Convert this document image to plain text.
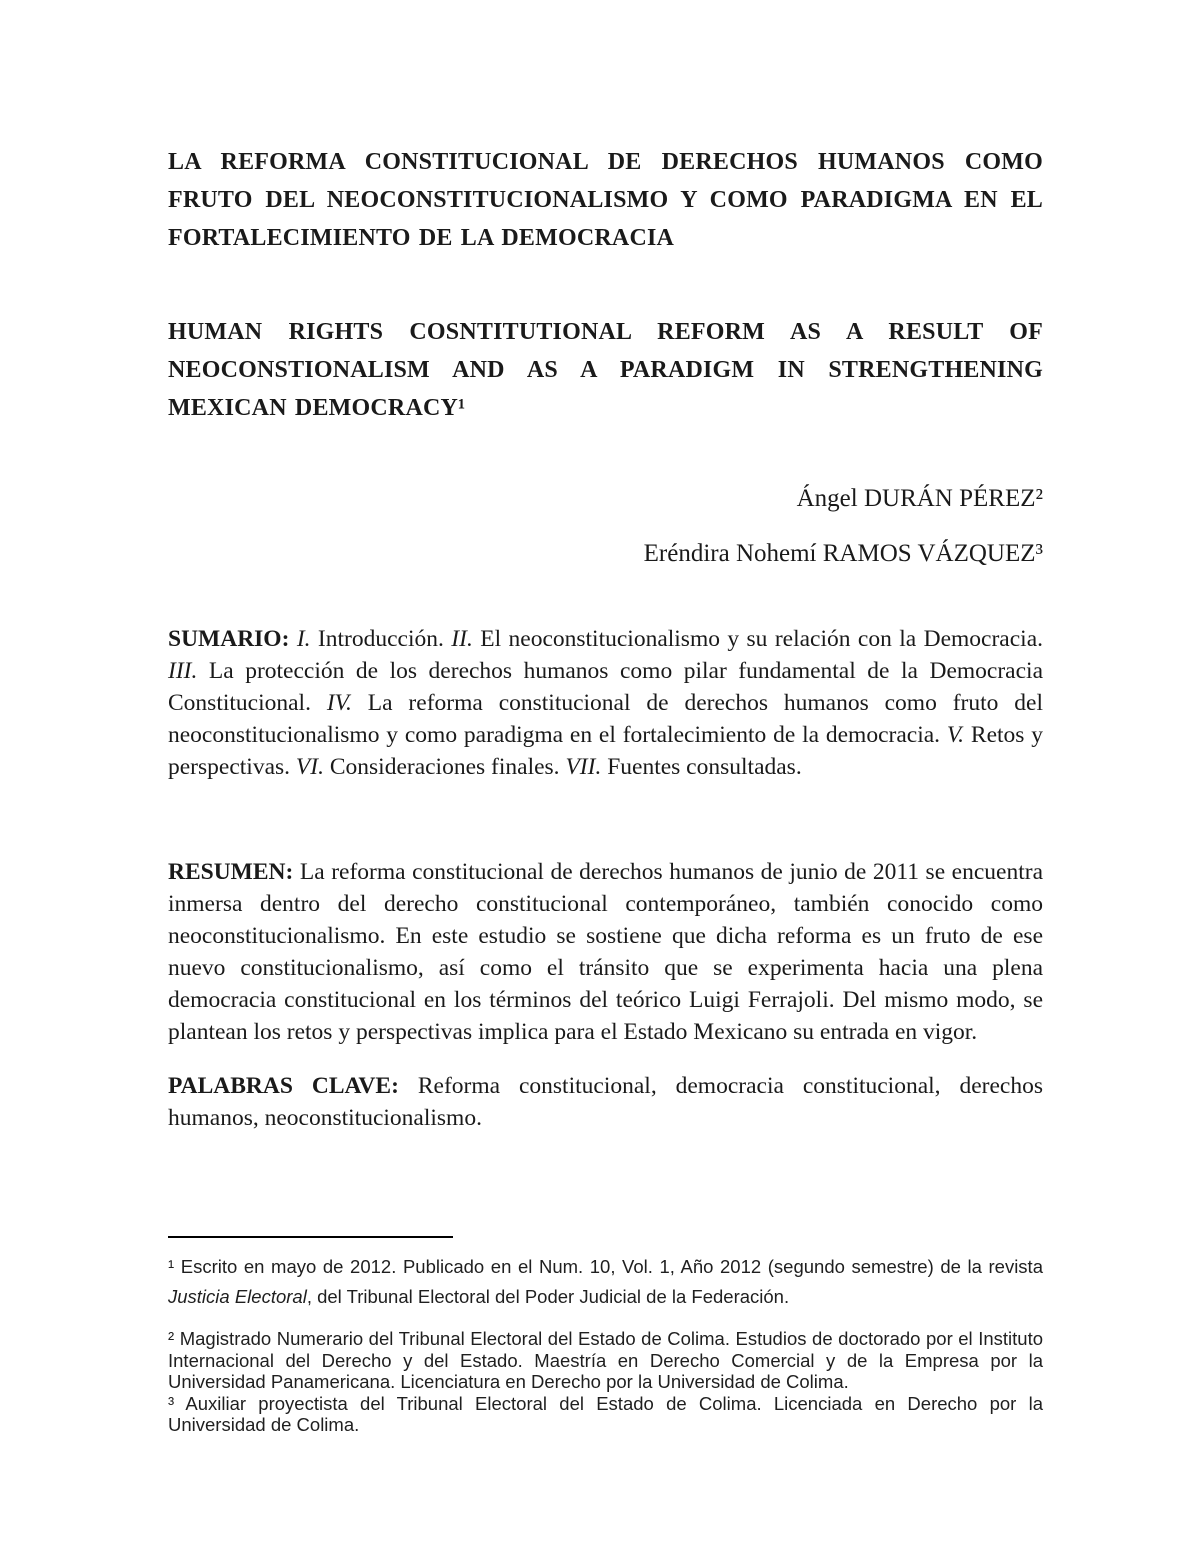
LA REFORMA CONSTITUCIONAL DE DERECHOS HUMANOS COMO FRUTO DEL NEOCONSTITUCIONALISMO Y COMO PARADIGMA EN EL FORTALECIMIENTO DE LA DEMOCRACIA
HUMAN RIGHTS COSNTITUTIONAL REFORM AS A RESULT OF NEOCONSTIONALISM AND AS A PARADIGM IN STRENGTHENING MEXICAN DEMOCRACY¹

Ángel DURÁN PÉREZ²

Eréndira Nohemí RAMOS VÁZQUEZ³

SUMARIO: I. Introducción. II. El neoconstitucionalismo y su relación con la Democracia. III. La protección de los derechos humanos como pilar fundamental de la Democracia Constitucional. IV. La reforma constitucional de derechos humanos como fruto del neoconstitucionalismo y como paradigma en el fortalecimiento de la democracia. V. Retos y perspectivas. VI. Consideraciones finales. VII. Fuentes consultadas.

RESUMEN: La reforma constitucional de derechos humanos de junio de 2011 se encuentra inmersa dentro del derecho constitucional contemporáneo, también conocido como neoconstitucionalismo. En este estudio se sostiene que dicha reforma es un fruto de ese nuevo constitucionalismo, así como el tránsito que se experimenta hacia una plena democracia constitucional en los términos del teórico Luigi Ferrajoli. Del mismo modo, se plantean los retos y perspectivas implica para el Estado Mexicano su entrada en vigor.

PALABRAS CLAVE: Reforma constitucional, democracia constitucional, derechos humanos, neoconstitucionalismo.

¹ Escrito en mayo de 2012. Publicado en el Num. 10, Vol. 1, Año 2012 (segundo semestre) de la revista Justicia Electoral, del Tribunal Electoral del Poder Judicial de la Federación.

² Magistrado Numerario del Tribunal Electoral del Estado de Colima. Estudios de doctorado por el Instituto Internacional del Derecho y del Estado. Maestría en Derecho Comercial y de la Empresa por la Universidad Panamericana. Licenciatura en Derecho por la Universidad de Colima.

³ Auxiliar proyectista del Tribunal Electoral del Estado de Colima. Licenciada en Derecho por la Universidad de Colima.
